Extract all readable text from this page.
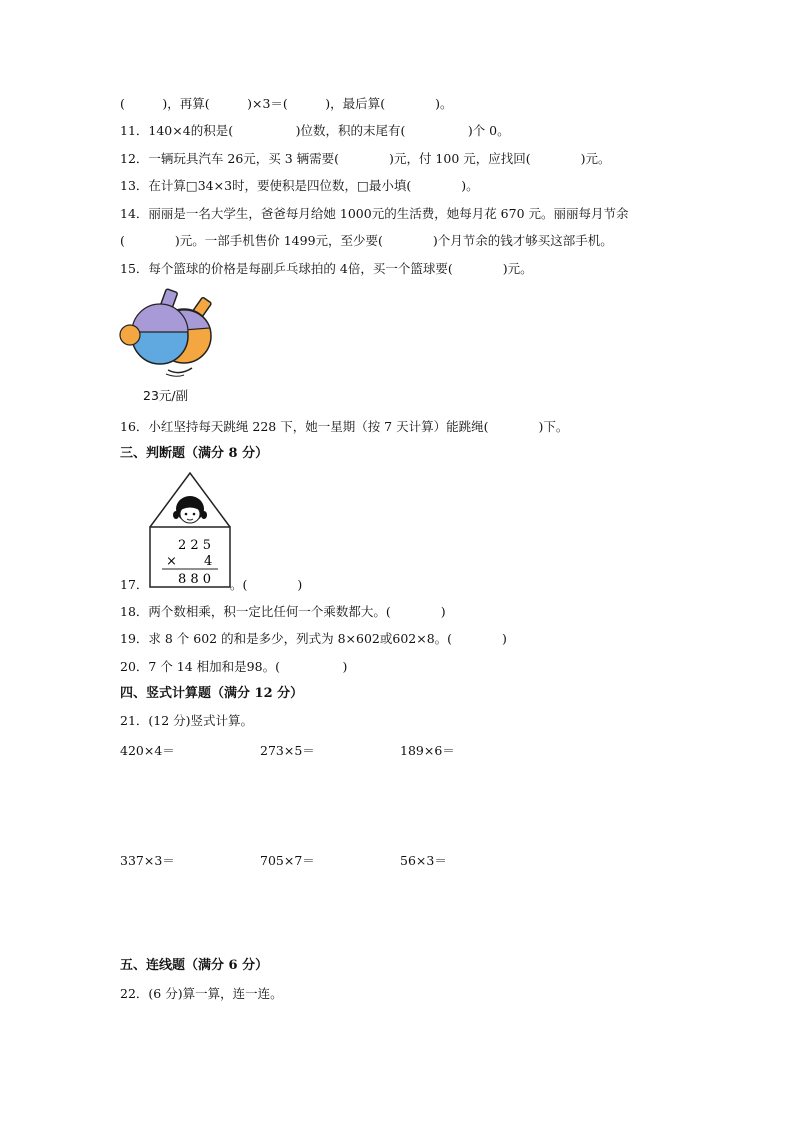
(　　　)，再算(　　　)×3＝(　　　)，最后算(　　　　)。
11．140×4的积是(　　　　　)位数，积的末尾有(　　　　　)个 0。
12．一辆玩具汽车 26元，买 3 辆需要(　　　　)元，付 100 元，应找回(　　　　)元。
13．在计算□34×3时，要使积是四位数，□最小填(　　　　)。
14．丽丽是一名大学生，爸爸每月给她 1000元的生活费，她每月花 670 元。丽丽每月节余
(　　　　)元。一部手机售价 1499元，至少要(　　　　)个月节余的钱才够买这部手机。
15．每个篮球的价格是每副乒乓球拍的 4倍，买一个篮球要(　　　　)元。
23元/副
16．小红坚持每天跳绳 228 下，她一星期（按 7 天计算）能跳绳(　　　　)下。
三、判断题（满分 8 分）
17．
2 2 5
× 4
8 8 0 。(　　　　)
18．两个数相乘，积一定比任何一个乘数都大。(　　　　)
19．求 8 个 602 的和是多少，列式为 8×602或602×8。(　　　　)
20．7 个 14 相加和是98。(　　　　　)
四、竖式计算题（满分 12 分）
21．(12 分)竖式计算。
420×4＝	273×5＝	189×6＝
337×3＝	705×7＝	56×3＝
五、连线题（满分 6 分）
22．(6 分)算一算，连一连。
